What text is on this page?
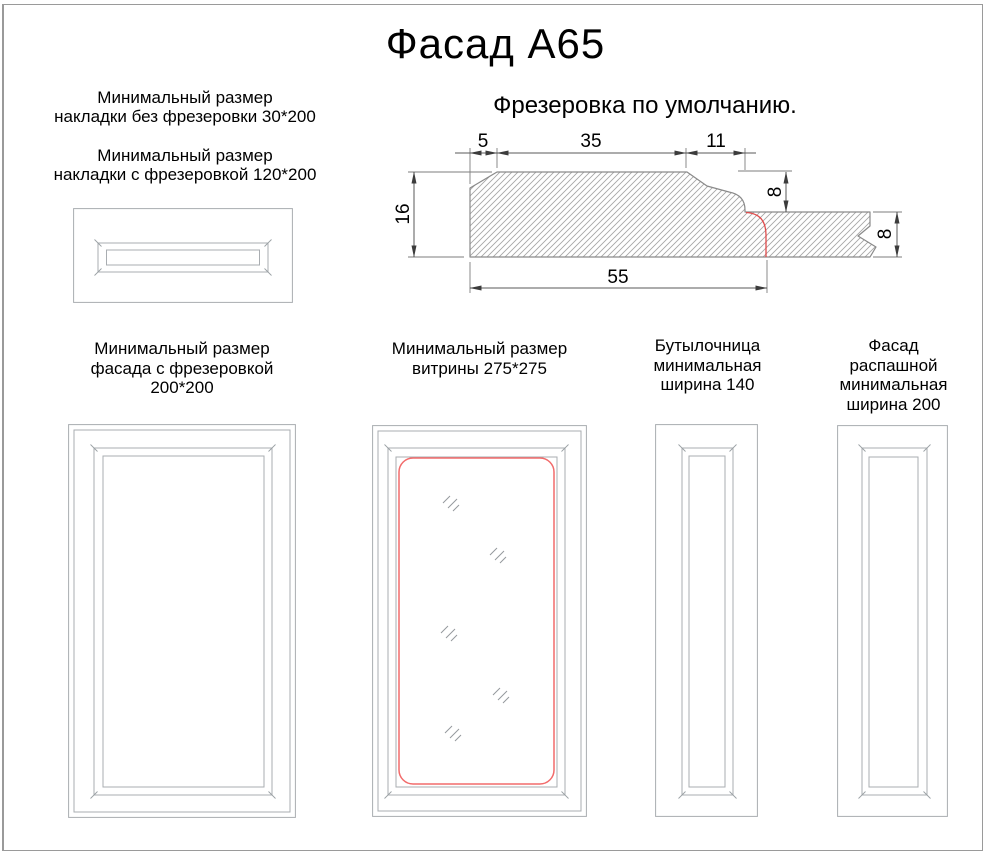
Фасад А65
Минимальный размер
накладки без фрезеровки 30*200
Минимальный размер
накладки с фрезеровкой 120*200
Фрезеровка по умолчанию.
5	35	11
16
55
8
8
Минимальный размер
фасада с фрезеровкой  200*200
Минимальный размер
витрины 275*275
Бутылочница
минимальная
ширина 140
Фасад распашной
минимальная
ширина 200
